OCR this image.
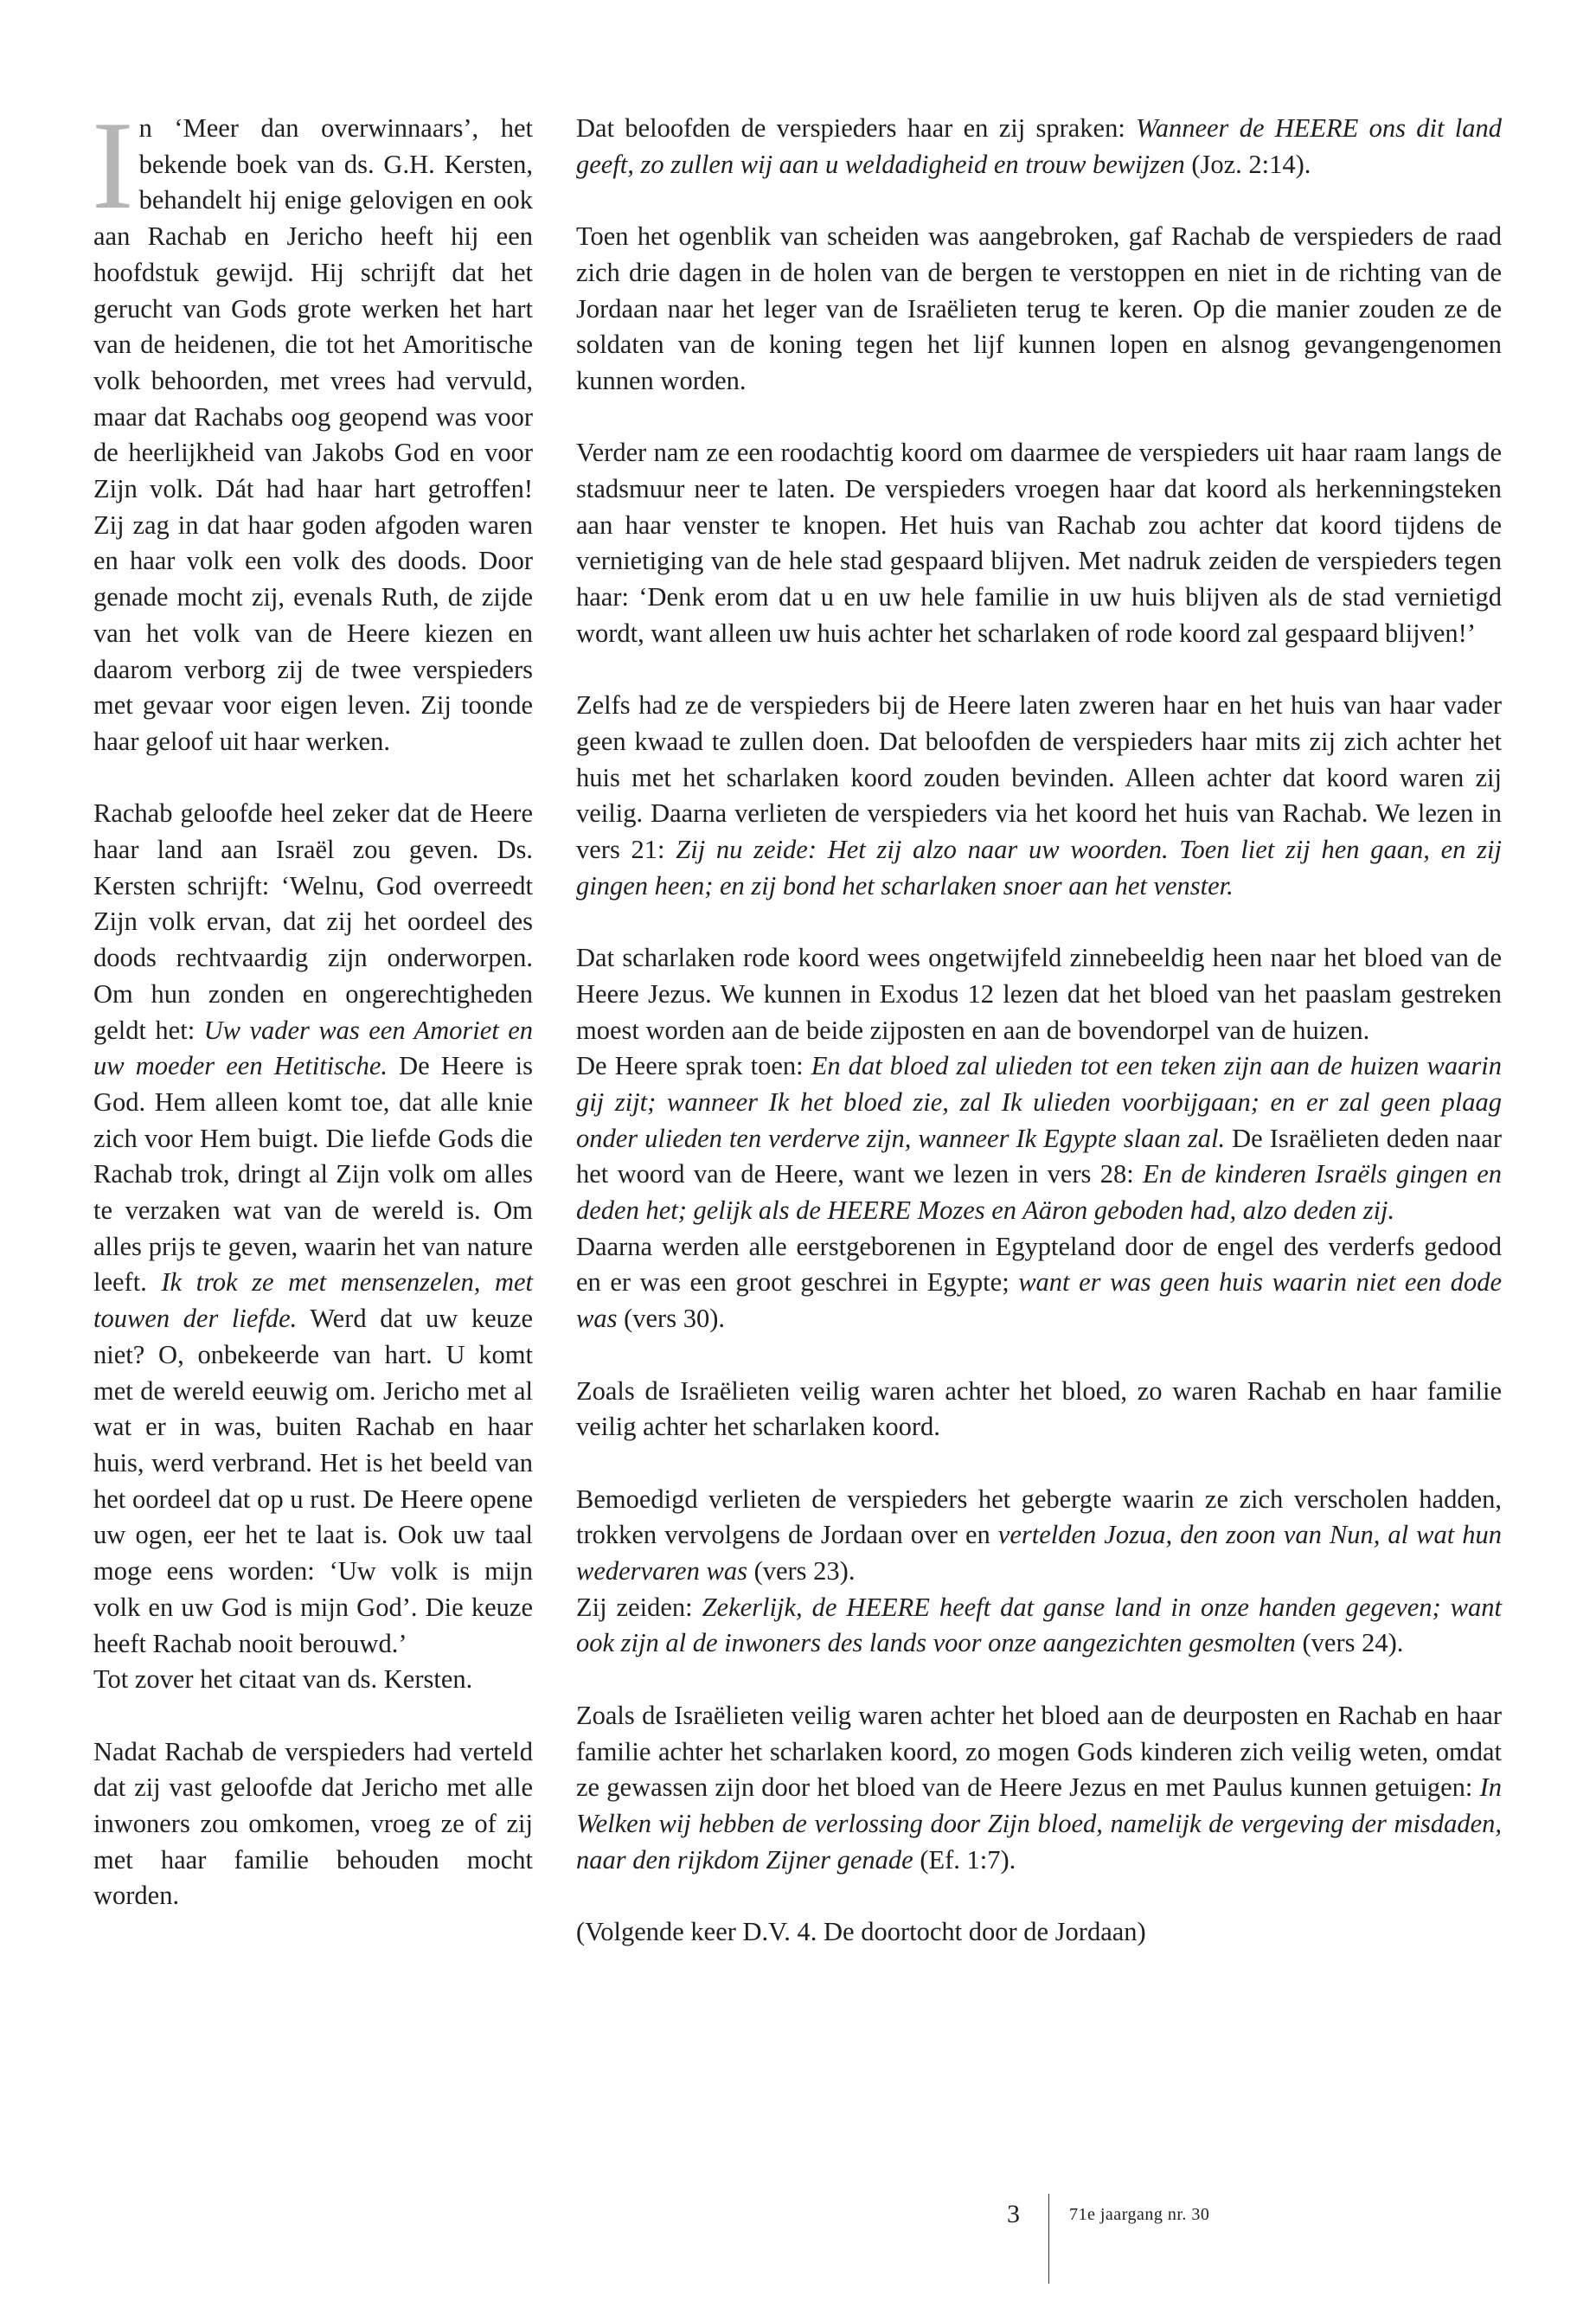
In ‘Meer dan overwinnaars’, het bekende boek van ds. G.H. Kersten, behandelt hij enige gelovigen en ook aan Rachab en Jericho heeft hij een hoofdstuk gewijd. Hij schrijft dat het gerucht van Gods grote werken het hart van de heidenen, die tot het Amoritische volk behoorden, met vrees had vervuld, maar dat Rachabs oog geopend was voor de heerlijkheid van Jakobs God en voor Zijn volk. Dát had haar hart getroffen! Zij zag in dat haar goden afgoden waren en haar volk een volk des doods. Door genade mocht zij, evenals Ruth, de zijde van het volk van de Heere kiezen en daarom verborg zij de twee verspieders met gevaar voor eigen leven. Zij toonde haar geloof uit haar werken.

Rachab geloofde heel zeker dat de Heere haar land aan Israël zou geven. Ds. Kersten schrijft: ‘Welnu, God overreedt Zijn volk ervan, dat zij het oordeel des doods rechtvaardig zijn onderworpen. Om hun zonden en ongerechtigheden geldt het: Uw vader was een Amoriet en uw moeder een Hetitische. De Heere is God. Hem alleen komt toe, dat alle knie zich voor Hem buigt. Die liefde Gods die Rachab trok, dringt al Zijn volk om alles te verzaken wat van de wereld is. Om alles prijs te geven, waarin het van nature leeft. Ik trok ze met mensenzelen, met touwen der liefde. Werd dat uw keuze niet? O, onbekeerde van hart. U komt met de wereld eeuwig om. Jericho met al wat er in was, buiten Rachab en haar huis, werd verbrand. Het is het beeld van het oordeel dat op u rust. De Heere opene uw ogen, eer het te laat is. Ook uw taal moge eens worden: ‘Uw volk is mijn volk en uw God is mijn God’. Die keuze heeft Rachab nooit berouwd.’

Tot zover het citaat van ds. Kersten.

Nadat Rachab de verspieders had verteld dat zij vast geloofde dat Jericho met alle inwoners zou omkomen, vroeg ze of zij met haar familie behouden mocht worden.

Dat beloofden de verspieders haar en zij spraken: Wanneer de HEERE ons dit land geeft, zo zullen wij aan u weldadigheid en trouw bewijzen (Joz. 2:14).

Toen het ogenblik van scheiden was aangebroken, gaf Rachab de verspieders de raad zich drie dagen in de holen van de bergen te verstoppen en niet in de richting van de Jordaan naar het leger van de Israëlieten terug te keren. Op die manier zouden ze de soldaten van de koning tegen het lijf kunnen lopen en alsnog gevangengenomen kunnen worden.

Verder nam ze een roodachtig koord om daarmee de verspieders uit haar raam langs de stadsmuur neer te laten. De verspieders vroegen haar dat koord als herkenningsteken aan haar venster te knopen. Het huis van Rachab zou achter dat koord tijdens de vernietiging van de hele stad gespaard blijven. Met nadruk zeiden de verspieders tegen haar: ‘Denk erom dat u en uw hele familie in uw huis blijven als de stad vernietigd wordt, want alleen uw huis achter het scharlaken of rode koord zal gespaard blijven!’

Zelfs had ze de verspieders bij de Heere laten zweren haar en het huis van haar vader geen kwaad te zullen doen. Dat beloofden de verspieders haar mits zij zich achter het huis met het scharlaken koord zouden bevinden. Alleen achter dat koord waren zij veilig. Daarna verlieten de verspieders via het koord het huis van Rachab. We lezen in vers 21: Zij nu zeide: Het zij alzo naar uw woorden. Toen liet zij hen gaan, en zij gingen heen; en zij bond het scharlaken snoer aan het venster.

Dat scharlaken rode koord wees ongetwijfeld zinnebeeldig heen naar het bloed van de Heere Jezus. We kunnen in Exodus 12 lezen dat het bloed van het paaslam gestreken moest worden aan de beide zijposten en aan de bovendorpel van de huizen.

De Heere sprak toen: En dat bloed zal ulieden tot een teken zijn aan de huizen waarin gij zijt; wanneer Ik het bloed zie, zal Ik ulieden voorbijgaan; en er zal geen plaag onder ulieden ten verderve zijn, wanneer Ik Egypte slaan zal. De Israëlieten deden naar het woord van de Heere, want we lezen in vers 28: En de kinderen Israëls gingen en deden het; gelijk als de HEERE Mozes en Aäron geboden had, alzo deden zij.

Daarna werden alle eerstgeborenen in Egypteland door de engel des verderfs gedood en er was een groot geschrei in Egypte; want er was geen huis waarin niet een dode was (vers 30).

Zoals de Israëlieten veilig waren achter het bloed, zo waren Rachab en haar familie veilig achter het scharlaken koord.

Bemoedigd verlieten de verspieders het gebergte waarin ze zich verscholen hadden, trokken vervolgens de Jordaan over en vertelden Jozua, den zoon van Nun, al wat hun wedervaren was (vers 23).

Zij zeiden: Zekerlijk, de HEERE heeft dat ganse land in onze handen gegeven; want ook zijn al de inwoners des lands voor onze aangezichten gesmolten (vers 24).

Zoals de Israëlieten veilig waren achter het bloed aan de deurposten en Rachab en haar familie achter het scharlaken koord, zo mogen Gods kinderen zich veilig weten, omdat ze gewassen zijn door het bloed van de Heere Jezus en met Paulus kunnen getuigen: In Welken wij hebben de verlossing door Zijn bloed, namelijk de vergeving der misdaden, naar den rijkdom Zijner genade (Ef. 1:7).

(Volgende keer D.V. 4. De doortocht door de Jordaan)

3	71e jaargang nr. 30
